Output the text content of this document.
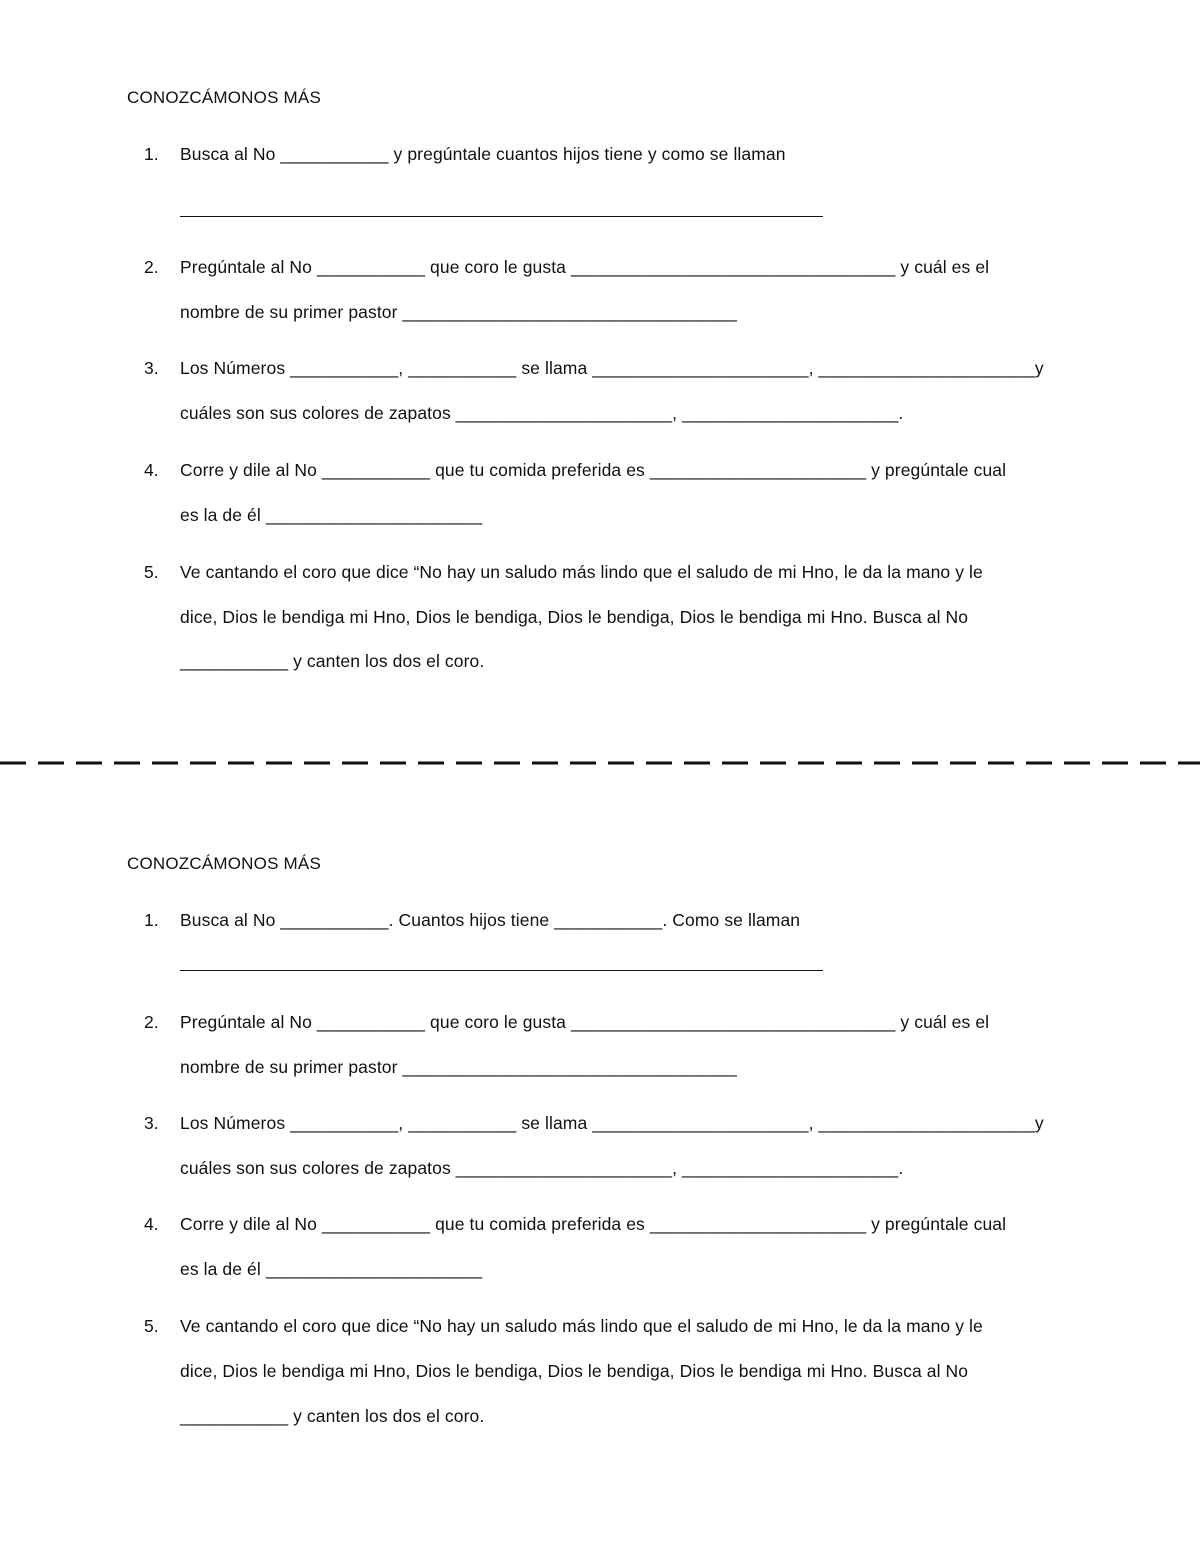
CONOZCÁMONOS MÁS
1. Busca al No ___________ y pregúntale cuantos hijos tiene y como se llaman
2. Pregúntale al No ___________ que coro le gusta _________________________________ y cuál es el
nombre de su primer pastor __________________________________
3. Los Números ___________, ___________ se llama ______________________, ______________________y
cuáles son sus colores de zapatos ______________________, ______________________.
4. Corre y dile al No ___________ que tu comida preferida es ______________________ y pregúntale cual
es la de él ______________________
5. Ve cantando el coro que dice “No hay un saludo más lindo que el saludo de mi Hno, le da la mano y le
dice, Dios le bendiga mi Hno, Dios le bendiga, Dios le bendiga, Dios le bendiga mi Hno. Busca al No
___________ y canten los dos el coro.
CONOZCÁMONOS MÁS
1. Busca al No ___________. Cuantos hijos tiene ___________. Como se llaman
2. Pregúntale al No ___________ que coro le gusta _________________________________ y cuál es el
nombre de su primer pastor __________________________________
3. Los Números ___________, ___________ se llama ______________________, ______________________y
cuáles son sus colores de zapatos ______________________, ______________________.
4. Corre y dile al No ___________ que tu comida preferida es ______________________ y pregúntale cual
es la de él ______________________
5. Ve cantando el coro que dice “No hay un saludo más lindo que el saludo de mi Hno, le da la mano y le
dice, Dios le bendiga mi Hno, Dios le bendiga, Dios le bendiga, Dios le bendiga mi Hno. Busca al No
___________ y canten los dos el coro.
